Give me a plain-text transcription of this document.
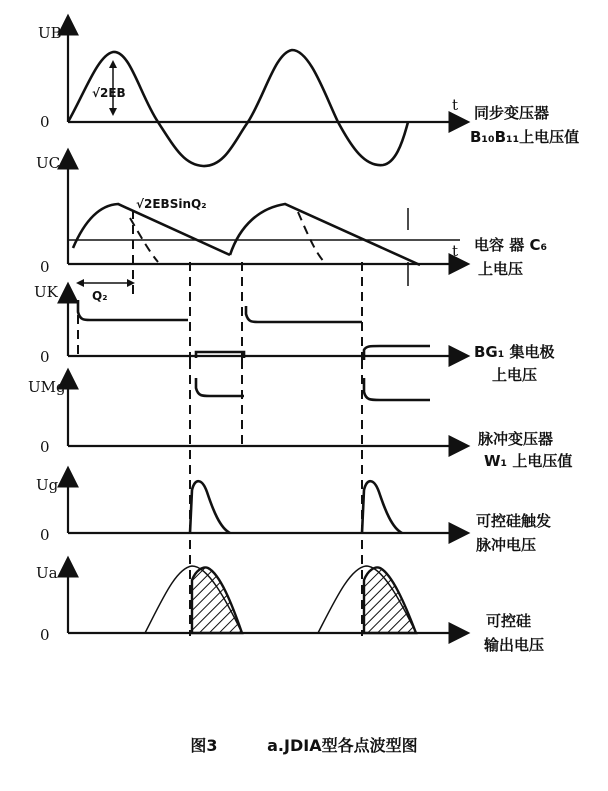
UB
0
t
√2EB
同步变压器
B₁₀B₁₁上电压值
UC
0
t
√2EBSinQ₂
Q₂
电容 器 C₆
上电压
UK
0	BG₁ 集电极
上电压
UMg
0	脉冲变压器
W₁ 上电压值
Ug
0
可控硅触发
脉冲电压
Ua
0
可控硅
输出电压
图3	a.JDIA型各点波型图
